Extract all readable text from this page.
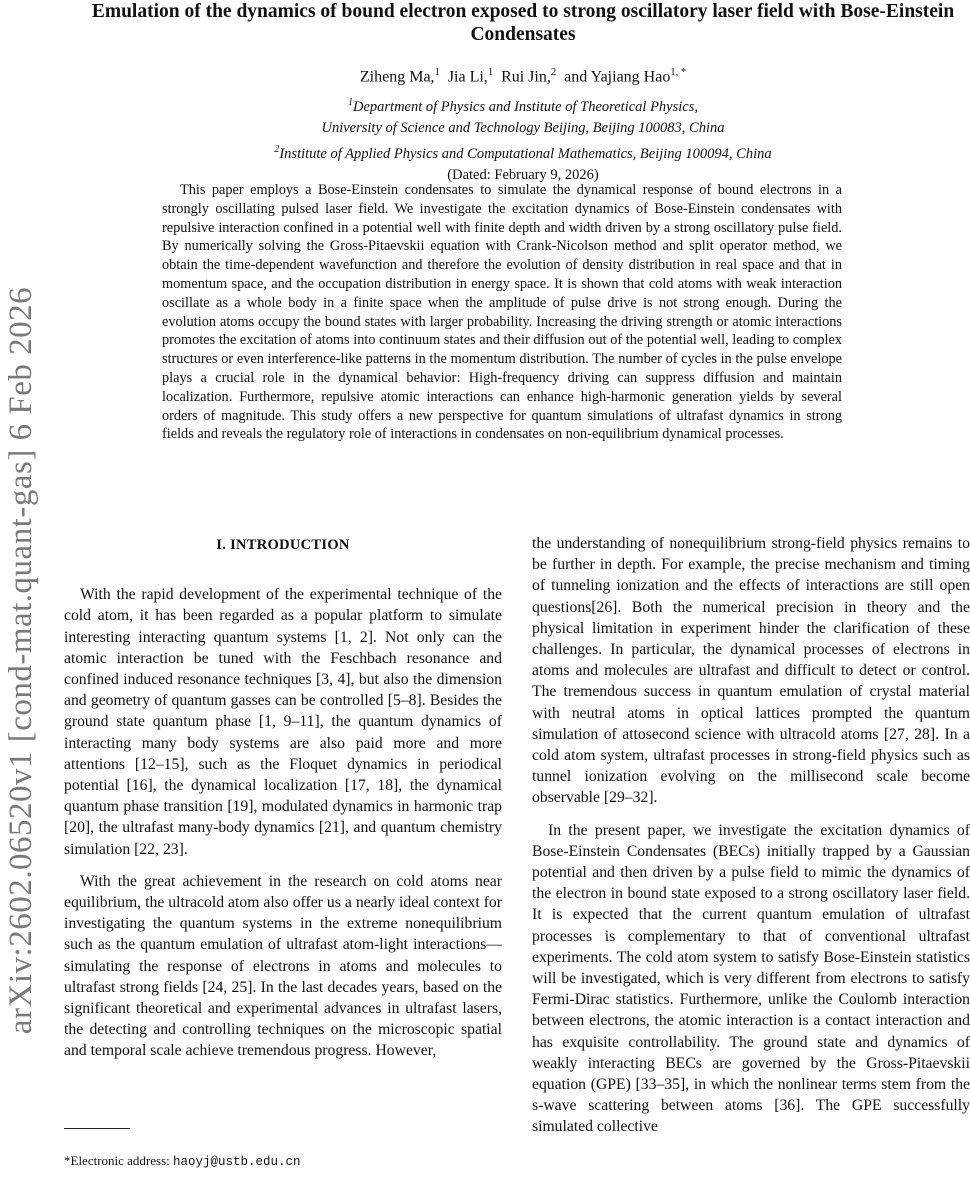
arXiv:2602.06520v1 [cond-mat.quant-gas] 6 Feb 2026
Emulation of the dynamics of bound electron exposed to strong oscillatory laser field with Bose-Einstein Condensates
Ziheng Ma,$^1$ Jia Li,$^1$ Rui Jin,$^2$ and Yajiang Hao$^{1, *}$
$^1$Department of Physics and Institute of Theoretical Physics,
University of Science and Technology Beijing, Beijing 100083, China
$^2$Institute of Applied Physics and Computational Mathematics, Beijing 100094, China
(Dated: February 9, 2026)

This paper employs a Bose-Einstein condensates to simulate the dynamical response of bound electrons in a strongly oscillating pulsed laser field. We investigate the excitation dynamics of Bose-Einstein condensates with repulsive interaction confined in a potential well with finite depth and width driven by a strong oscillatory pulse field. By numerically solving the Gross-Pitaevskii equation with Crank-Nicolson method and split operator method, we obtain the time-dependent wavefunction and therefore the evolution of density distribution in real space and that in momentum space, and the occupation distribution in energy space. It is shown that cold atoms with weak interaction oscillate as a whole body in a finite space when the amplitude of pulse drive is not strong enough. During the evolution atoms occupy the bound states with larger probability. Increasing the driving strength or atomic interactions promotes the excitation of atoms into continuum states and their diffusion out of the potential well, leading to complex structures or even interference-like patterns in the momentum distribution. The number of cycles in the pulse envelope plays a crucial role in the dynamical behavior: High-frequency driving can suppress diffusion and maintain localization. Furthermore, repulsive atomic interactions can enhance high-harmonic generation yields by several orders of magnitude. This study offers a new perspective for quantum simulations of ultrafast dynamics in strong fields and reveals the regulatory role of interactions in condensates on non-equilibrium dynamical processes.

I. INTRODUCTION

With the rapid development of the experimental technique of the cold atom, it has been regarded as a popular platform to simulate interesting interacting quantum systems [1, 2]. Not only can the atomic interaction be tuned with the Feschbach resonance and confined induced resonance techniques [3, 4], but also the dimension and geometry of quantum gasses can be controlled [5–8]. Besides the ground state quantum phase [1, 9–11], the quantum dynamics of interacting many body systems are also paid more and more attentions [12–15], such as the Floquet dynamics in periodical potential [16], the dynamical localization [17, 18], the dynamical quantum phase transition [19], modulated dynamics in harmonic trap [20], the ultrafast many-body dynamics [21], and quantum chemistry simulation [22, 23].

With the great achievement in the research on cold atoms near equilibrium, the ultracold atom also offer us a nearly ideal context for investigating the quantum systems in the extreme nonequilibrium such as the quantum emulation of ultrafast atom-light interactions—simulating the response of electrons in atoms and molecules to ultrafast strong fields [24, 25]. In the last decades years, based on the significant theoretical and experimental advances in ultrafast lasers, the detecting and controlling techniques on the microscopic spatial and temporal scale achieve tremendous progress. However,

the understanding of nonequilibrium strong-field physics remains to be further in depth. For example, the precise mechanism and timing of tunneling ionization and the effects of interactions are still open questions[26]. Both the numerical precision in theory and the physical limitation in experiment hinder the clarification of these challenges. In particular, the dynamical processes of electrons in atoms and molecules are ultrafast and difficult to detect or control. The tremendous success in quantum emulation of crystal material with neutral atoms in optical lattices prompted the quantum simulation of attosecond science with ultracold atoms [27, 28]. In a cold atom system, ultrafast processes in strong-field physics such as tunnel ionization evolving on the millisecond scale become observable [29–32].

In the present paper, we investigate the excitation dynamics of Bose-Einstein Condensates (BECs) initially trapped by a Gaussian potential and then driven by a pulse field to mimic the dynamics of the electron in bound state exposed to a strong oscillatory laser field. It is expected that the current quantum emulation of ultrafast processes is complementary to that of conventional ultrafast experiments. The cold atom system to satisfy Bose-Einstein statistics will be investigated, which is very different from electrons to satisfy Fermi-Dirac statistics. Furthermore, unlike the Coulomb interaction between electrons, the atomic interaction is a contact interaction and has exquisite controllability. The ground state and dynamics of weakly interacting BECs are governed by the Gross-Pitaevskii equation (GPE) [33–35], in which the nonlinear terms stem from the s-wave scattering between atoms [36]. The GPE successfully simulated collective

*Electronic address: haoyj@ustb.edu.cn
